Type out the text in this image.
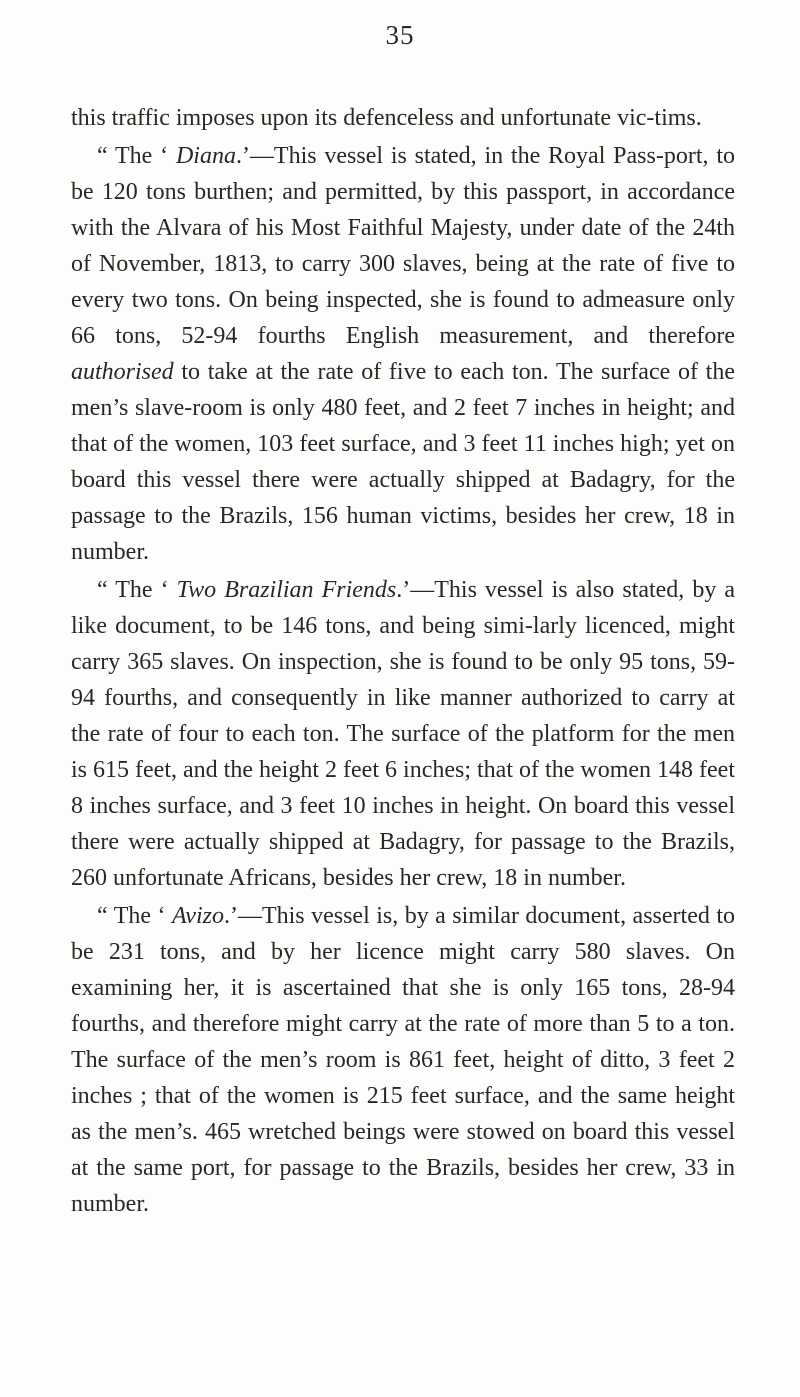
35

this traffic imposes upon its defenceless and unfortunate vic-tims.

“ The ‘ Diana.’—This vessel is stated, in the Royal Pass-port, to be 120 tons burthen; and permitted, by this passport, in accordance with the Alvara of his Most Faithful Majesty, under date of the 24th of November, 1813, to carry 300 slaves, being at the rate of five to every two tons. On being inspected, she is found to admeasure only 66 tons, 52-94 fourths English measurement, and therefore authorised to take at the rate of five to each ton. The surface of the men’s slave-room is only 480 feet, and 2 feet 7 inches in height; and that of the women, 103 feet surface, and 3 feet 11 inches high; yet on board this vessel there were actually shipped at Badagry, for the passage to the Brazils, 156 human victims, besides her crew, 18 in number.

“ The ‘ Two Brazilian Friends.’—This vessel is also stated, by a like document, to be 146 tons, and being simi-larly licenced, might carry 365 slaves. On inspection, she is found to be only 95 tons, 59-94 fourths, and consequently in like manner authorized to carry at the rate of four to each ton. The surface of the platform for the men is 615 feet, and the height 2 feet 6 inches; that of the women 148 feet 8 inches surface, and 3 feet 10 inches in height. On board this vessel there were actually shipped at Badagry, for passage to the Brazils, 260 unfortunate Africans, besides her crew, 18 in number.

“ The ‘ Avizo.’—This vessel is, by a similar document, asserted to be 231 tons, and by her licence might carry 580 slaves. On examining her, it is ascertained that she is only 165 tons, 28-94 fourths, and therefore might carry at the rate of more than 5 to a ton. The surface of the men’s room is 861 feet, height of ditto, 3 feet 2 inches ; that of the women is 215 feet surface, and the same height as the men’s. 465 wretched beings were stowed on board this vessel at the same port, for passage to the Brazils, besides her crew, 33 in number.
